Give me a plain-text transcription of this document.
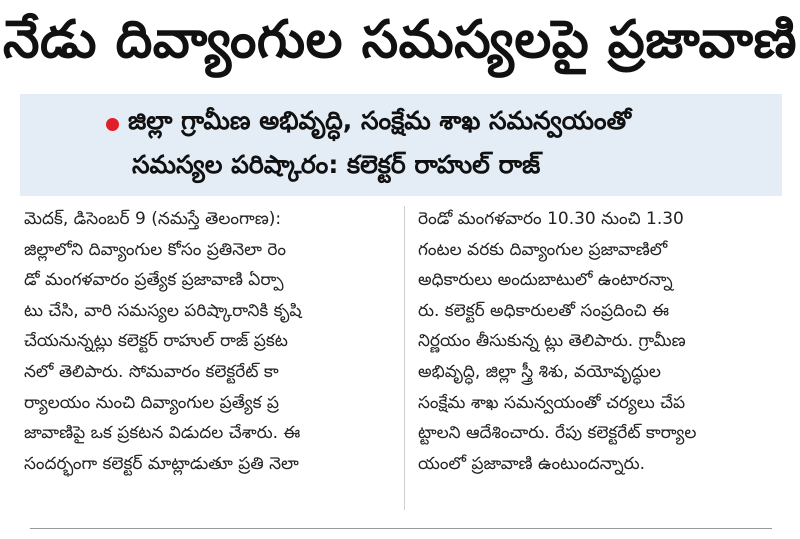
నేడు దివ్యాంగుల సమస్యలపై ప్రజావాణి
జిల్లా గ్రామీణ అభివృద్ధి, సంక్షేమ శాఖ సమన్వయంతో
సమస్యల పరిష్కారం: కలెక్టర్ రాహుల్ రాజ్
మెదక్, డిసెంబర్ 9 (నమస్తే తెలంగాణ):
జిల్లాలోని దివ్యాంగుల కోసం ప్రతినెలా రెం
డో మంగళవారం ప్రత్యేక ప్రజావాణి ఏర్పా
టు చేసి, వారి సమస్యల పరిష్కారానికి కృషి
చేయనున్నట్లు కలెక్టర్ రాహుల్ రాజ్ ప్రకట
నలో తెలిపారు. సోమవారం కలెక్టరేట్ కా
ర్యాలయం నుంచి దివ్యాంగుల ప్రత్యేక ప్ర
జావాణిపై ఒక ప్రకటన విడుదల చేశారు. ఈ
సందర్భంగా కలెక్టర్ మాట్లాడుతూ ప్రతి నెలా
రెండో మంగళవారం 10.30 నుంచి 1.30
గంటల వరకు దివ్యాంగుల ప్రజావాణిలో
అధికారులు అందుబాటులో ఉంటారన్నా
రు. కలెక్టర్ అధికారులతో సంప్రదించి ఈ
నిర్ణయం తీసుకున్న ట్లు తెలిపారు. గ్రామీణ
అభివృద్ధి, జిల్లా స్త్రీ శిశు, వయోవృద్ధుల
సంక్షేమ శాఖ సమన్వయంతో చర్యలు చేప
ట్టాలని ఆదేశించారు. రేపు కలెక్టరేట్ కార్యాల
యంలో ప్రజావాణి ఉంటుందన్నారు.
